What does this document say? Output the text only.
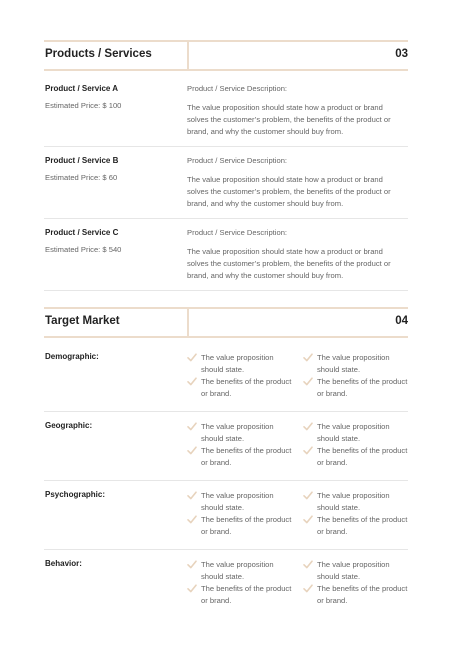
Products / Services	03
Product / Service A
Estimated Price: $ 100
Product / Service Description:
The value proposition should state how a product or brand solves the customer’s problem, the benefits of the product or brand, and why the customer should buy from.
Product / Service B
Estimated Price: $ 60
Product / Service Description:
The value proposition should state how a product or brand solves the customer’s problem, the benefits of the product or brand, and why the customer should buy from.
Product / Service C
Estimated Price: $ 540
Product / Service Description:
The value proposition should state how a product or brand solves the customer’s problem, the benefits of the product or brand, and why the customer should buy from.
Target Market	04
Demographic:	The value proposition should state.
The benefits of the product or brand.
The value proposition should state.
The benefits of the product or brand.
Geographic:	The value proposition should state.
The benefits of the product or brand.
The value proposition should state.
The benefits of the product or brand.
Psychographic:	The value proposition should state.
The benefits of the product or brand.
The value proposition should state.
The benefits of the product or brand.
Behavior:	The value proposition should state.
The benefits of the product or brand.
The value proposition should state.
The benefits of the product or brand.
